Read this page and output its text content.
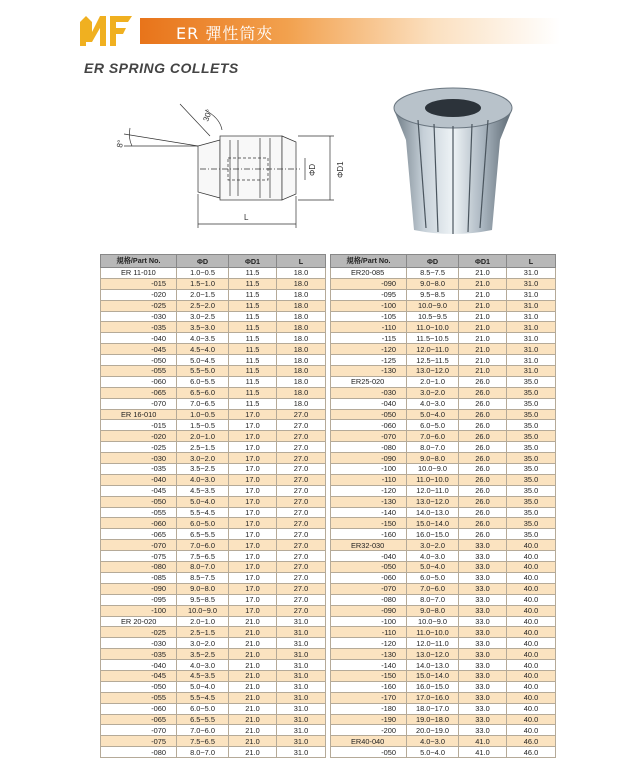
ER 彈性筒夾
ER SPRING COLLETS
30°
8°
ΦD ΦD1
L
規格/Part No.	ΦD	ΦD1	L
ER 11-010	1.0~0.5	11.5	18.0
-015	1.5~1.0	11.5	18.0
-020	2.0~1.5	11.5	18.0
-025	2.5~2.0	11.5	18.0
-030	3.0~2.5	11.5	18.0
-035	3.5~3.0	11.5	18.0
-040	4.0~3.5	11.5	18.0
-045	4.5~4.0	11.5	18.0
-050	5.0~4.5	11.5	18.0
-055	5.5~5.0	11.5	18.0
-060	6.0~5.5	11.5	18.0
-065	6.5~6.0	11.5	18.0
-070	7.0~6.5	11.5	18.0
ER 16-010	1.0~0.5	17.0	27.0
-015	1.5~0.5	17.0	27.0
-020	2.0~1.0	17.0	27.0
-025	2.5~1.5	17.0	27.0
-030	3.0~2.0	17.0	27.0
-035	3.5~2.5	17.0	27.0
-040	4.0~3.0	17.0	27.0
-045	4.5~3.5	17.0	27.0
-050	5.0~4.0	17.0	27.0
-055	5.5~4.5	17.0	27.0
-060	6.0~5.0	17.0	27.0
-065	6.5~5.5	17.0	27.0
-070	7.0~6.0	17.0	27.0
-075	7.5~6.5	17.0	27.0
-080	8.0~7.0	17.0	27.0
-085	8.5~7.5	17.0	27.0
-090	9.0~8.0	17.0	27.0
-095	9.5~8.5	17.0	27.0
-100	10.0~9.0	17.0	27.0
ER 20-020	2.0~1.0	21.0	31.0
-025	2.5~1.5	21.0	31.0
-030	3.0~2.0	21.0	31.0
-035	3.5~2.5	21.0	31.0
-040	4.0~3.0	21.0	31.0
-045	4.5~3.5	21.0	31.0
-050	5.0~4.0	21.0	31.0
-055	5.5~4.5	21.0	31.0
-060	6.0~5.0	21.0	31.0
-065	6.5~5.5	21.0	31.0
-070	7.0~6.0	21.0	31.0
-075	7.5~6.5	21.0	31.0
-080	8.0~7.0	21.0	31.0
規格/Part No.	ΦD	ΦD1	L
ER20-085	8.5~7.5	21.0	31.0
-090	9.0~8.0	21.0	31.0
-095	9.5~8.5	21.0	31.0
-100	10.0~9.0	21.0	31.0
-105	10.5~9.5	21.0	31.0
-110	11.0~10.0	21.0	31.0
-115	11.5~10.5	21.0	31.0
-120	12.0~11.0	21.0	31.0
-125	12.5~11.5	21.0	31.0
-130	13.0~12.0	21.0	31.0
ER25-020	2.0~1.0	26.0	35.0
-030	3.0~2.0	26.0	35.0
-040	4.0~3.0	26.0	35.0
-050	5.0~4.0	26.0	35.0
-060	6.0~5.0	26.0	35.0
-070	7.0~6.0	26.0	35.0
-080	8.0~7.0	26.0	35.0
-090	9.0~8.0	26.0	35.0
-100	10.0~9.0	26.0	35.0
-110	11.0~10.0	26.0	35.0
-120	12.0~11.0	26.0	35.0
-130	13.0~12.0	26.0	35.0
-140	14.0~13.0	26.0	35.0
-150	15.0~14.0	26.0	35.0
-160	16.0~15.0	26.0	35.0
ER32-030	3.0~2.0	33.0	40.0
-040	4.0~3.0	33.0	40.0
-050	5.0~4.0	33.0	40.0
-060	6.0~5.0	33.0	40.0
-070	7.0~6.0	33.0	40.0
-080	8.0~7.0	33.0	40.0
-090	9.0~8.0	33.0	40.0
-100	10.0~9.0	33.0	40.0
-110	11.0~10.0	33.0	40.0
-120	12.0~11.0	33.0	40.0
-130	13.0~12.0	33.0	40.0
-140	14.0~13.0	33.0	40.0
-150	15.0~14.0	33.0	40.0
-160	16.0~15.0	33.0	40.0
-170	17.0~16.0	33.0	40.0
-180	18.0~17.0	33.0	40.0
-190	19.0~18.0	33.0	40.0
-200	20.0~19.0	33.0	40.0
ER40-040	4.0~3.0	41.0	46.0
-050	5.0~4.0	41.0	46.0
